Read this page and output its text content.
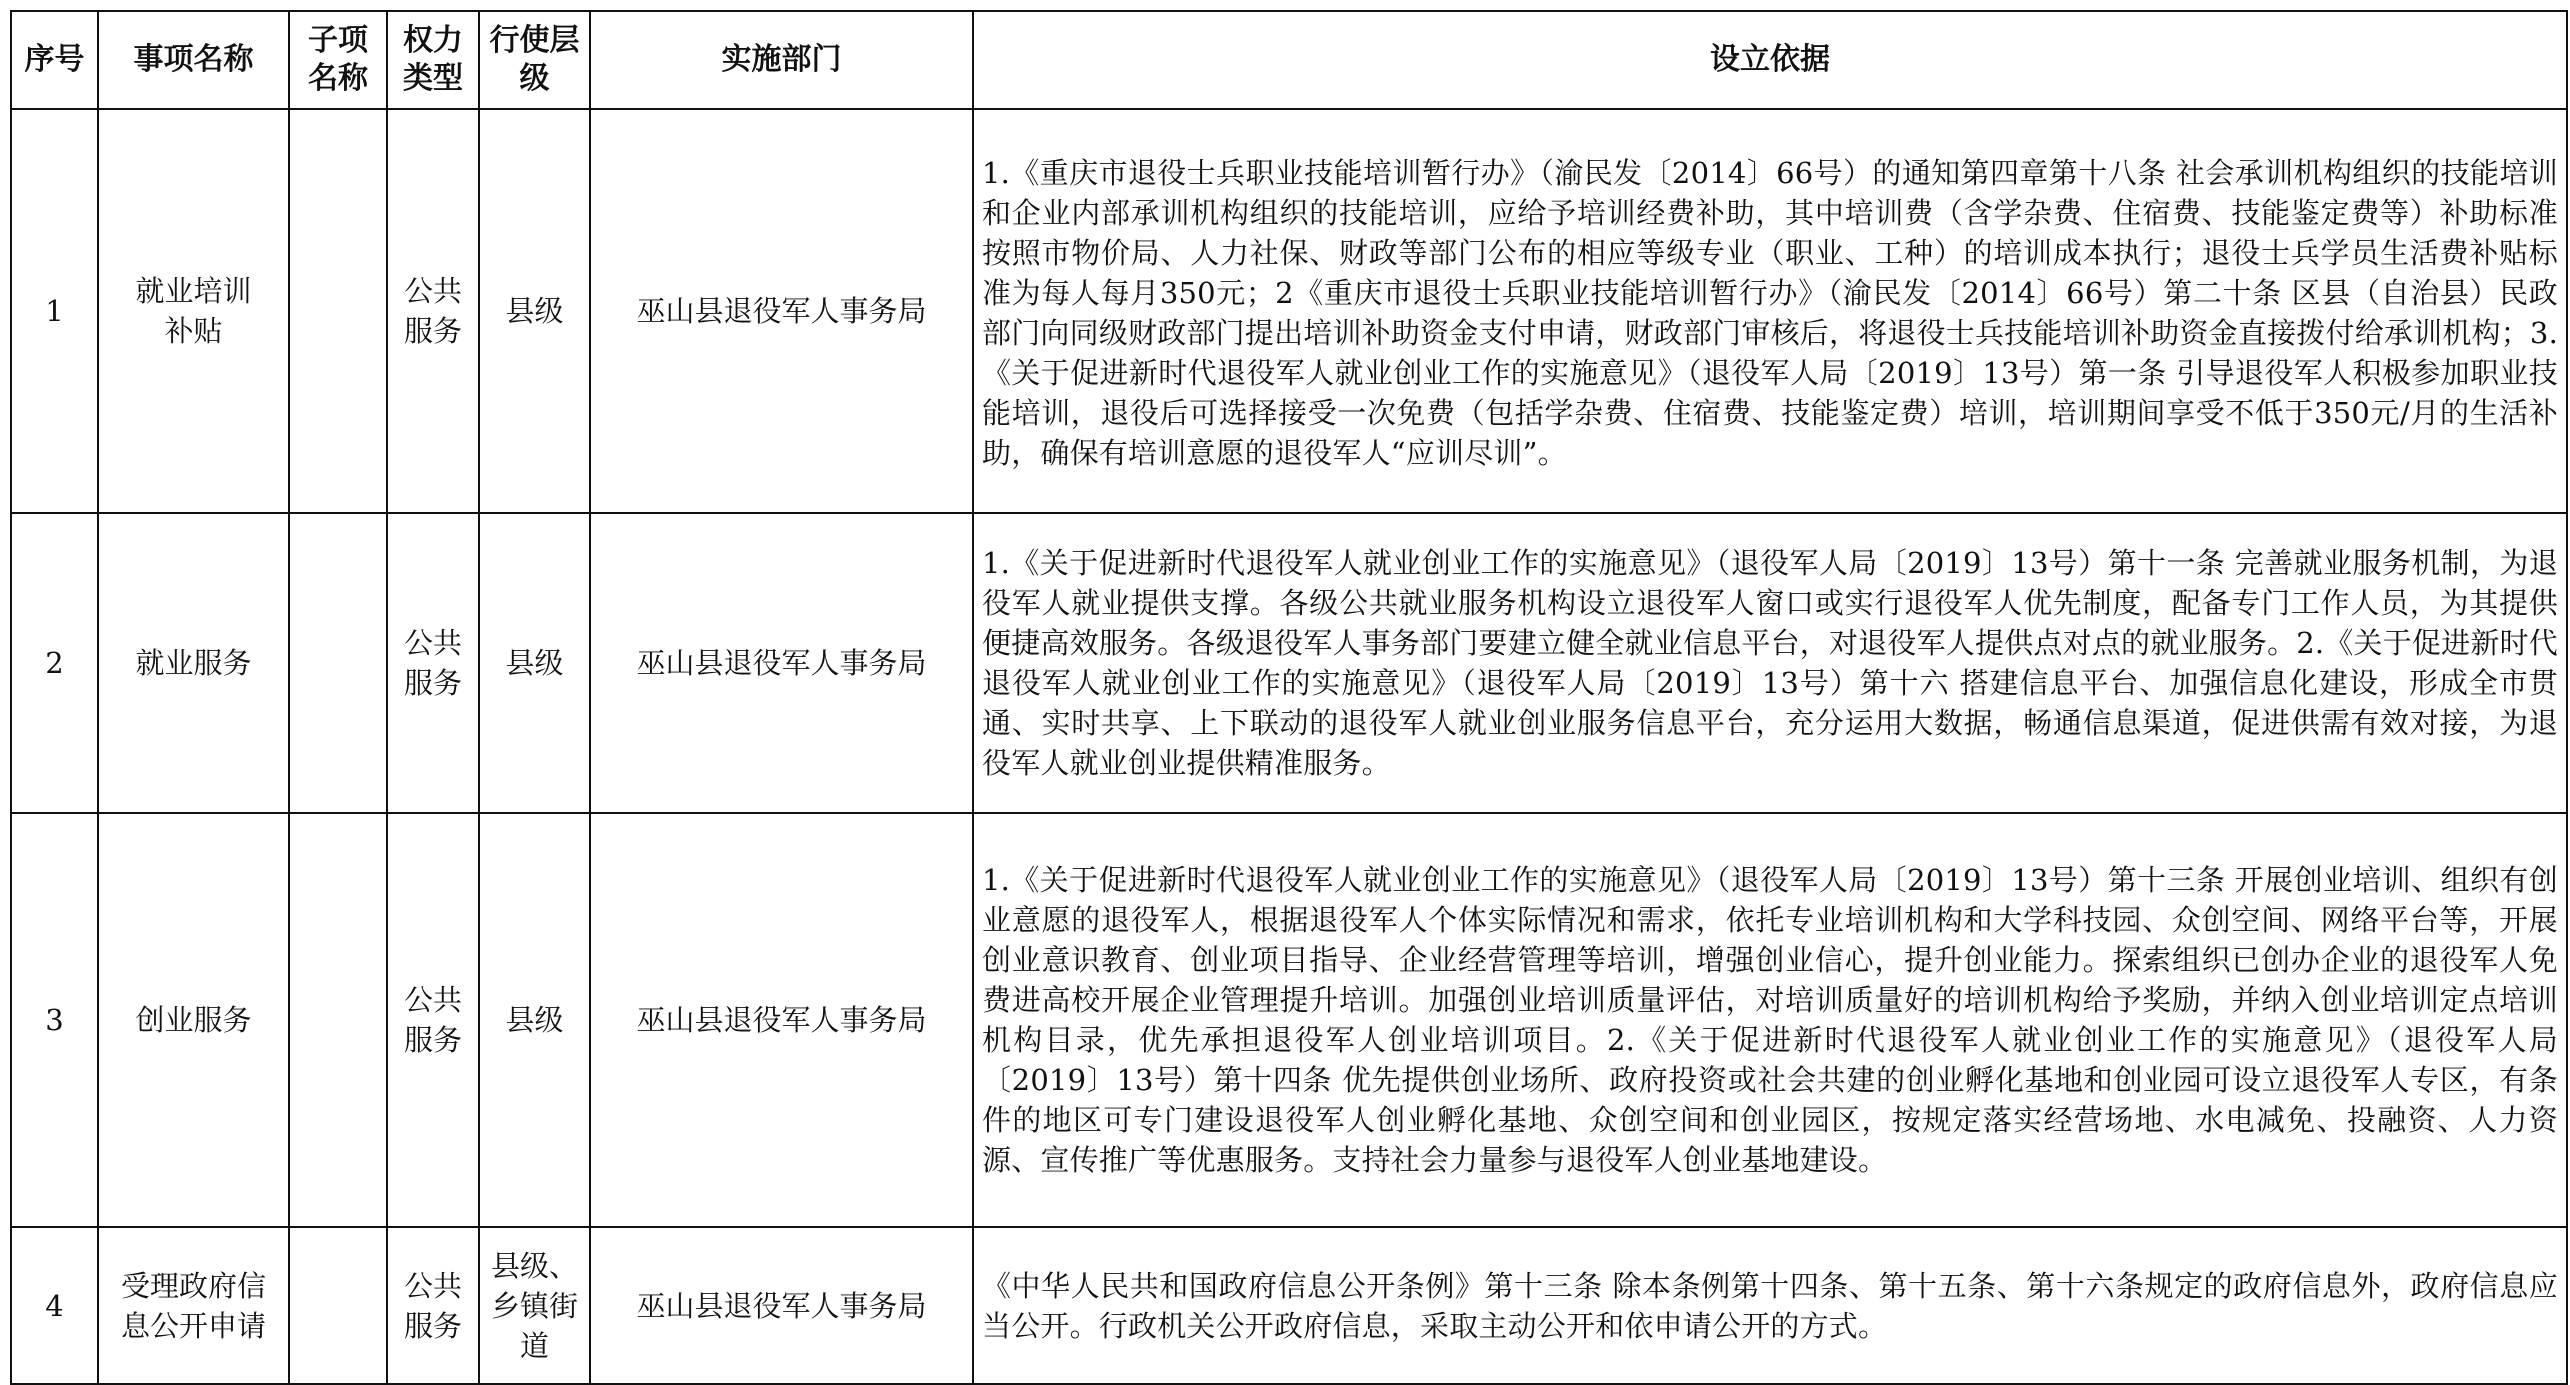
序号	事项名称	子项名称	权力类型	行使层级	实施部门	设立依据
1	就业培训补贴		公共服务	县级	巫山县退役军人事务局	1.《重庆市退役士兵职业技能培训暂行办》（渝民发〔2014〕66号）的通知第四章第十八条 社会承训机构组织的技能培训和企业内部承训机构组织的技能培训，应给予培训经费补助，其中培训费（含学杂费、住宿费、技能鉴定费等）补助标准按照市物价局、人力社保、财政等部门公布的相应等级专业（职业、工种）的培训成本执行；退役士兵学员生活费补贴标准为每人每月350元；2《重庆市退役士兵职业技能培训暂行办》（渝民发〔2014〕66号）第二十条 区县（自治县）民政部门向同级财政部门提出培训补助资金支付申请，财政部门审核后，将退役士兵技能培训补助资金直接拨付给承训机构；3.《关于促进新时代退役军人就业创业工作的实施意见》（退役军人局〔2019〕13号）第一条 引导退役军人积极参加职业技能培训，退役后可选择接受一次免费（包括学杂费、住宿费、技能鉴定费）培训，培训期间享受不低于350元/月的生活补助，确保有培训意愿的退役军人“应训尽训”。

2	就业服务		公共服务	县级	巫山县退役军人事务局	1.《关于促进新时代退役军人就业创业工作的实施意见》（退役军人局〔2019〕13号）第十一条 完善就业服务机制，为退役军人就业提供支撑。各级公共就业服务机构设立退役军人窗口或实行退役军人优先制度，配备专门工作人员，为其提供便捷高效服务。各级退役军人事务部门要建立健全就业信息平台，对退役军人提供点对点的就业服务。2.《关于促进新时代退役军人就业创业工作的实施意见》（退役军人局〔2019〕13号）第十六 搭建信息平台、加强信息化建设，形成全市贯通、实时共享、上下联动的退役军人就业创业服务信息平台，充分运用大数据，畅通信息渠道，促进供需有效对接，为退役军人就业创业提供精准服务。

3	创业服务		公共服务	县级	巫山县退役军人事务局	1.《关于促进新时代退役军人就业创业工作的实施意见》（退役军人局〔2019〕13号）第十三条 开展创业培训、组织有创业意愿的退役军人，根据退役军人个体实际情况和需求，依托专业培训机构和大学科技园、众创空间、网络平台等，开展创业意识教育、创业项目指导、企业经营管理等培训，增强创业信心，提升创业能力。探索组织已创办企业的退役军人免费进高校开展企业管理提升培训。加强创业培训质量评估，对培训质量好的培训机构给予奖励，并纳入创业培训定点培训机构目录，优先承担退役军人创业培训项目。2.《关于促进新时代退役军人就业创业工作的实施意见》（退役军人局〔2019〕13号）第十四条 优先提供创业场所、政府投资或社会共建的创业孵化基地和创业园可设立退役军人专区，有条件的地区可专门建设退役军人创业孵化基地、众创空间和创业园区，按规定落实经营场地、水电减免、投融资、人力资源、宣传推广等优惠服务。支持社会力量参与退役军人创业基地建设。

4	受理政府信息公开申请		公共服务	县级、乡镇街道	巫山县退役军人事务局	《中华人民共和国政府信息公开条例》第十三条 除本条例第十四条、第十五条、第十六条规定的政府信息外，政府信息应当公开。行政机关公开政府信息，采取主动公开和依申请公开的方式。
